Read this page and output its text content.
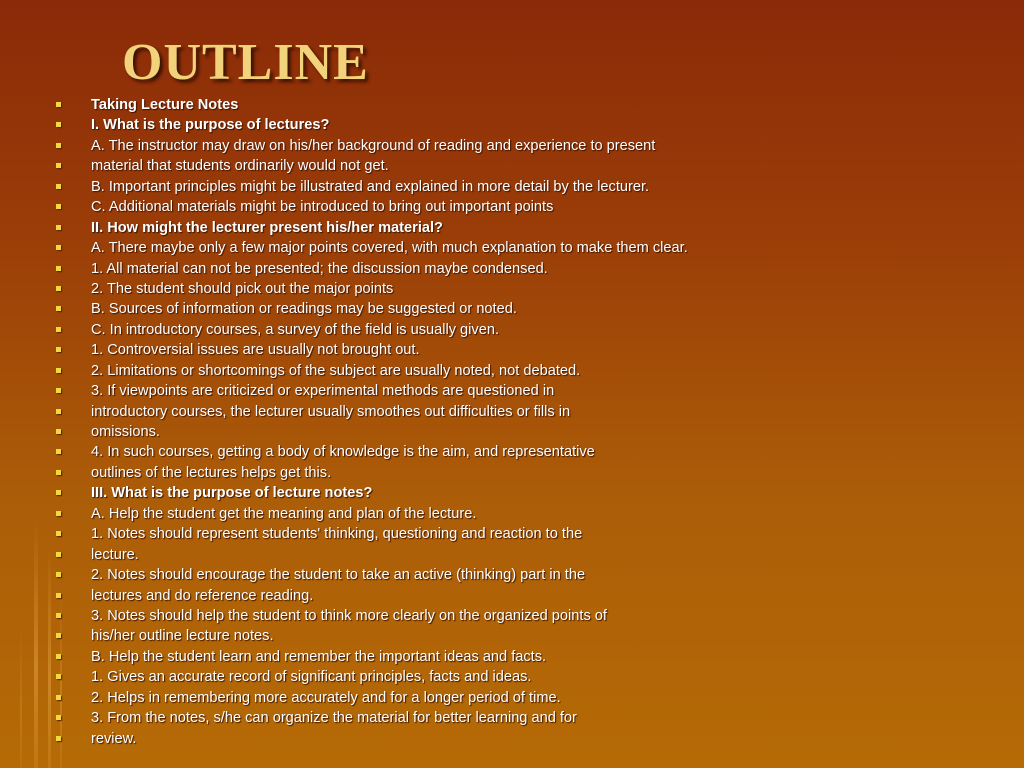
OUTLINE
Taking Lecture Notes
I. What is the purpose of lectures?
A. The instructor may draw on his/her background of reading and experience to present
material that students ordinarily would not get.
B. Important principles might be illustrated and explained in more detail by the lecturer.
C. Additional materials might be introduced to bring out important points
II. How might the lecturer present his/her material?
A. There maybe only a few major points covered, with much explanation to make them clear.
1. All material can not be presented; the discussion maybe condensed.
2. The student should pick out the major points
B. Sources of information or readings may be suggested or noted.
C. In introductory courses, a survey of the field is usually given.
1. Controversial issues are usually not brought out.
2. Limitations or shortcomings of the subject are usually noted, not debated.
3. If viewpoints are criticized or experimental methods are questioned in
introductory courses, the lecturer usually smoothes out difficulties or fills in
omissions.
4. In such courses, getting a body of knowledge is the aim, and representative
outlines of the lectures helps get this.
III. What is the purpose of lecture notes?
A. Help the student get the meaning and plan of the lecture.
1. Notes should represent students' thinking, questioning and reaction to the
lecture.
2. Notes should encourage the student to take an active (thinking) part in the
lectures and do reference reading.
3. Notes should help the student to think more clearly on the organized points of
his/her outline lecture notes.
B. Help the student learn and remember the important ideas and facts.
1. Gives an accurate record of significant principles, facts and ideas.
2. Helps in remembering more accurately and for a longer period of time.
3. From the notes, s/he can organize the material for better learning and for
review.
